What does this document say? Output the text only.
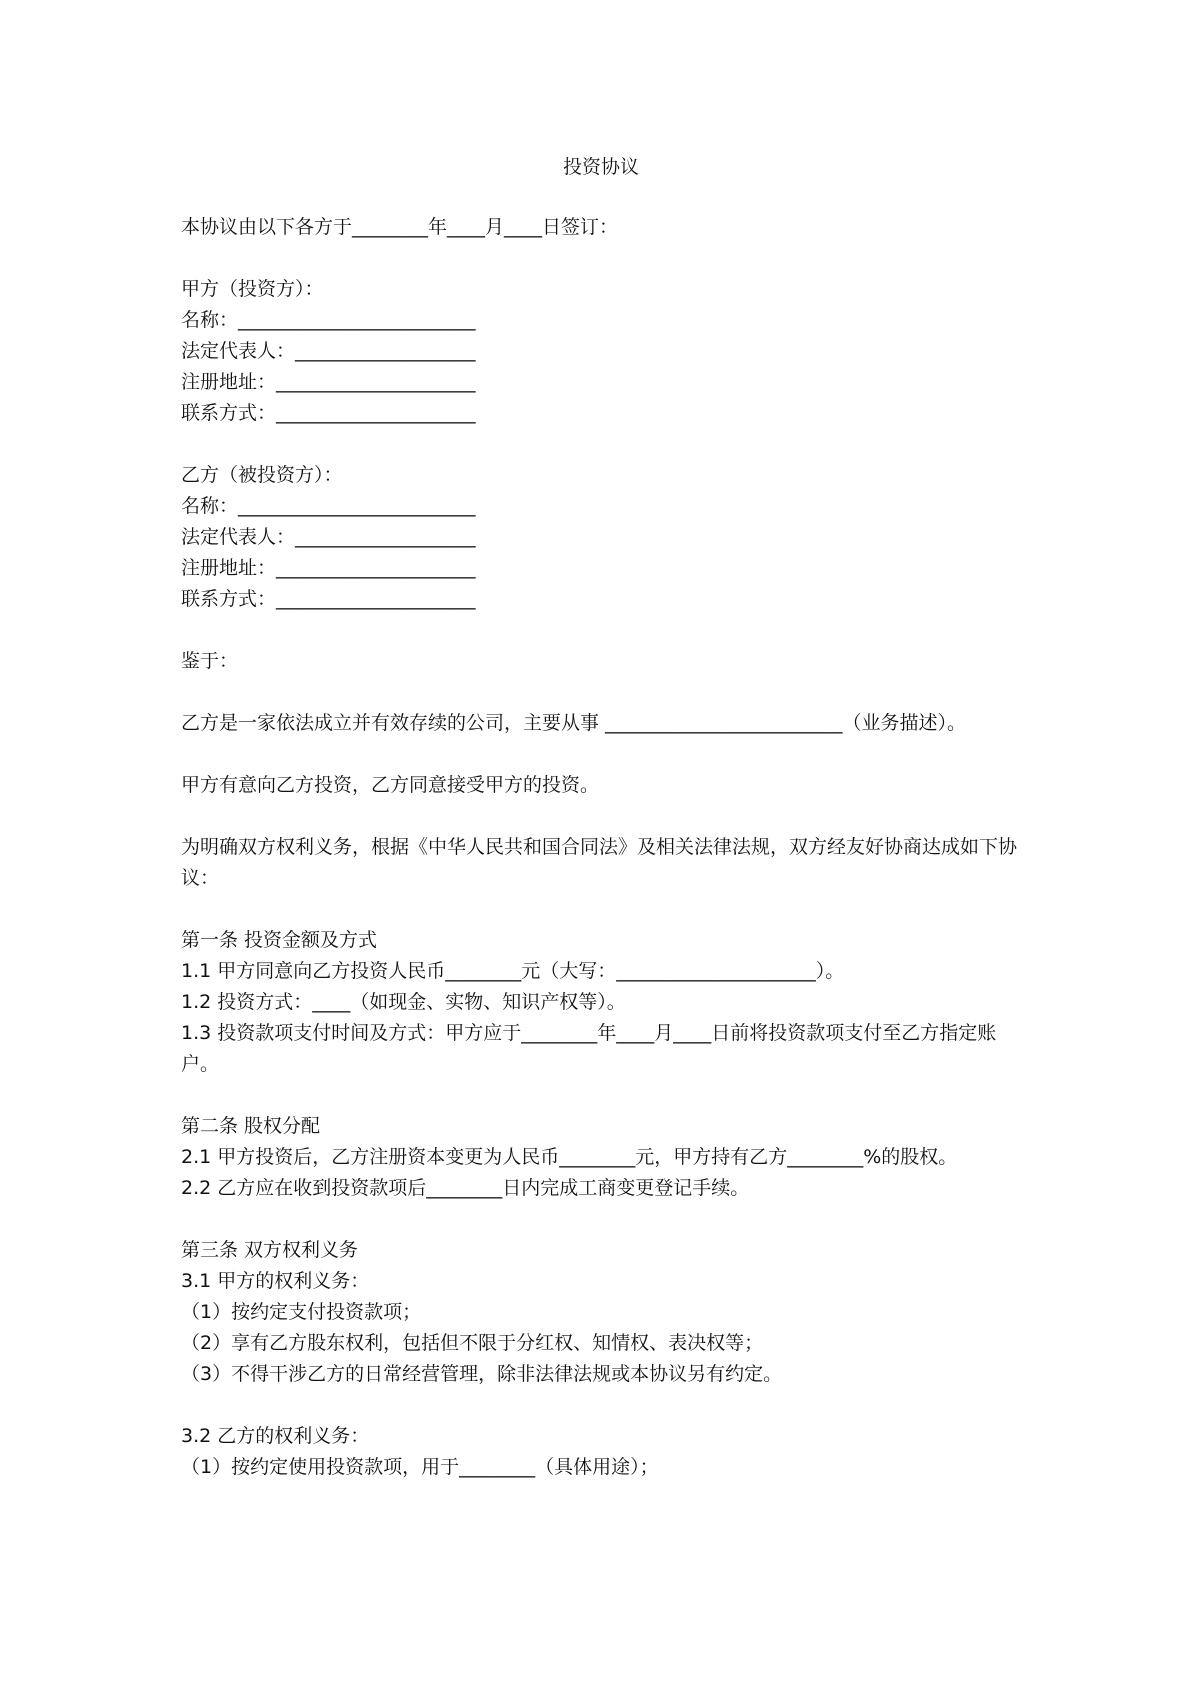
投资协议

本协议由以下各方于________年____月____日签订：

甲方（投资方）：

名称：_________________________

法定代表人：___________________

注册地址：_____________________

联系方式：_____________________

乙方（被投资方）：

名称：_________________________

法定代表人：___________________

注册地址：_____________________

联系方式：_____________________

鉴于：

乙方是一家依法成立并有效存续的公司，主要从事 _________________________（业务描述）。

甲方有意向乙方投资，乙方同意接受甲方的投资。

为明确双方权利义务，根据《中华人民共和国合同法》及相关法律法规，双方经友好协商达成如下协议：

第一条 投资金额及方式

1.1 甲方同意向乙方投资人民币________元（大写：_____________________）。

1.2 投资方式：____（如现金、实物、知识产权等）。

1.3 投资款项支付时间及方式：甲方应于________年____月____日前将投资款项支付至乙方指定账户。

第二条 股权分配

2.1 甲方投资后，乙方注册资本变更为人民币________元，甲方持有乙方________%的股权。

2.2 乙方应在收到投资款项后________日内完成工商变更登记手续。

第三条 双方权利义务

3.1 甲方的权利义务：

（1）按约定支付投资款项；

（2）享有乙方股东权利，包括但不限于分红权、知情权、表决权等；

（3）不得干涉乙方的日常经营管理，除非法律法规或本协议另有约定。

3.2 乙方的权利义务：

（1）按约定使用投资款项，用于________（具体用途）；
